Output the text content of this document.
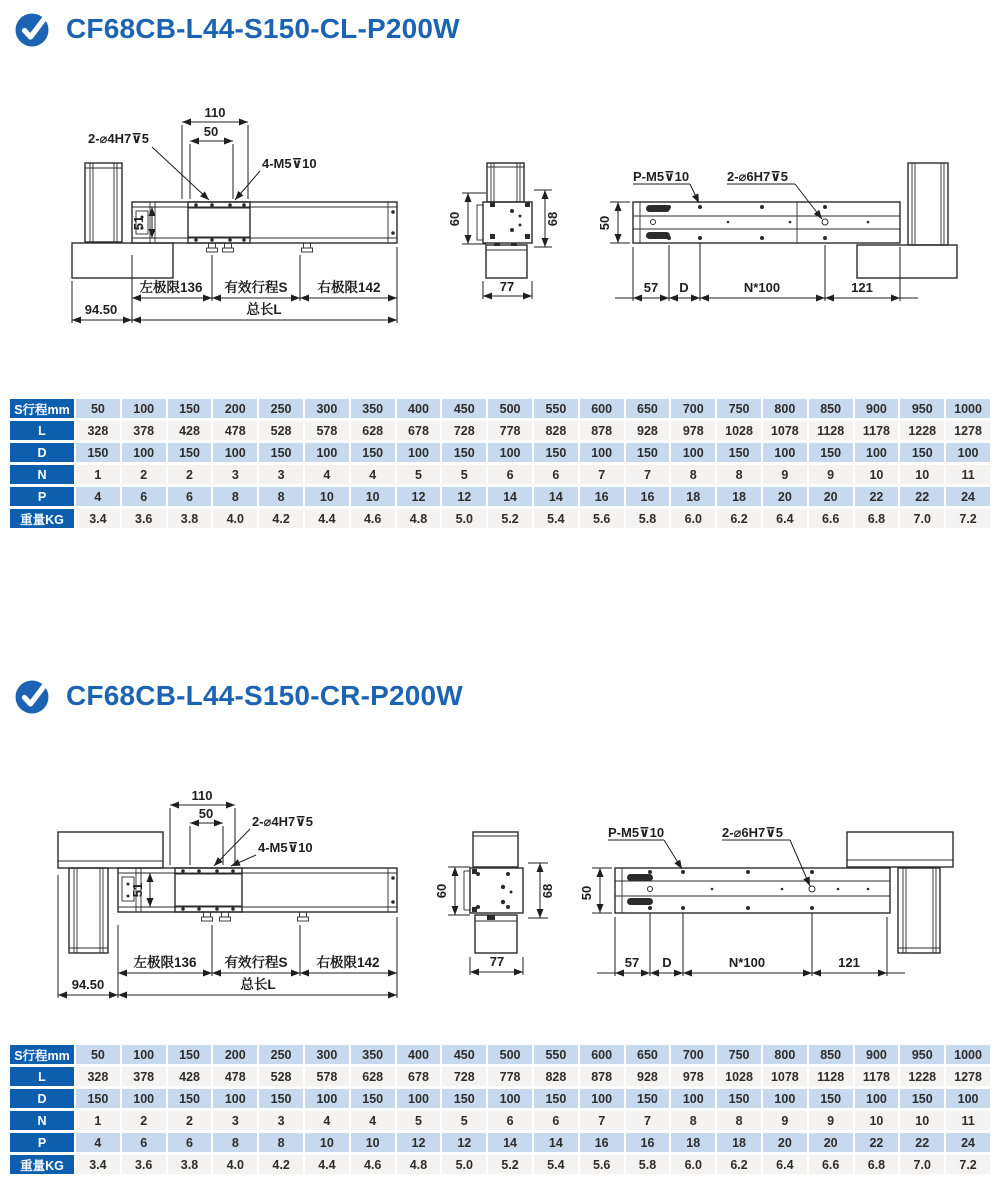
CF68CB-L44-S150-CL-P200W
110
50
2-⌀4H7⊽5
4-M5⊽10
51
左极限136 有效行程S 右极限142
94.50	总长L
60	68
77
50
P-M5⊽10	2-⌀6H7⊽5
57 D	N*100	121
S行程mm	50	100	150	200	250	300	350	400	450	500	550	600	650	700	750	800	850	900	950	1000
L	328	378	428	478	528	578	628	678	728	778	828	878	928	978	1028	1078	1128	1178	1228	1278
D	150	100	150	100	150	100	150	100	150	100	150	100	150	100	150	100	150	100	150	100
N	1	2	2	3	3	4	4	5	5	6	6	7	7	8	8	9	9	10	10	11
P	4	6	6	8	8	10	10	12	12	14	14	16	16	18	18	20	20	22	22	24
重量KG	3.4	3.6	3.8	4.0	4.2	4.4	4.6	4.8	5.0	5.2	5.4	5.6	5.8	6.0	6.2	6.4	6.6	6.8	7.0	7.2
CF68CB-L44-S150-CR-P200W
110
50
2-⌀4H7⊽5
4-M5⊽10
51
左极限136 有效行程S 右极限142
94.50	总长L
60	68
77
50
P-M5⊽10	2-⌀6H7⊽5
57 D	N*100	121
S行程mm	50	100	150	200	250	300	350	400	450	500	550	600	650	700	750	800	850	900	950	1000
L	328	378	428	478	528	578	628	678	728	778	828	878	928	978	1028	1078	1128	1178	1228	1278
D	150	100	150	100	150	100	150	100	150	100	150	100	150	100	150	100	150	100	150	100
N	1	2	2	3	3	4	4	5	5	6	6	7	7	8	8	9	9	10	10	11
P	4	6	6	8	8	10	10	12	12	14	14	16	16	18	18	20	20	22	22	24
重量KG	3.4	3.6	3.8	4.0	4.2	4.4	4.6	4.8	5.0	5.2	5.4	5.6	5.8	6.0	6.2	6.4	6.6	6.8	7.0	7.2
